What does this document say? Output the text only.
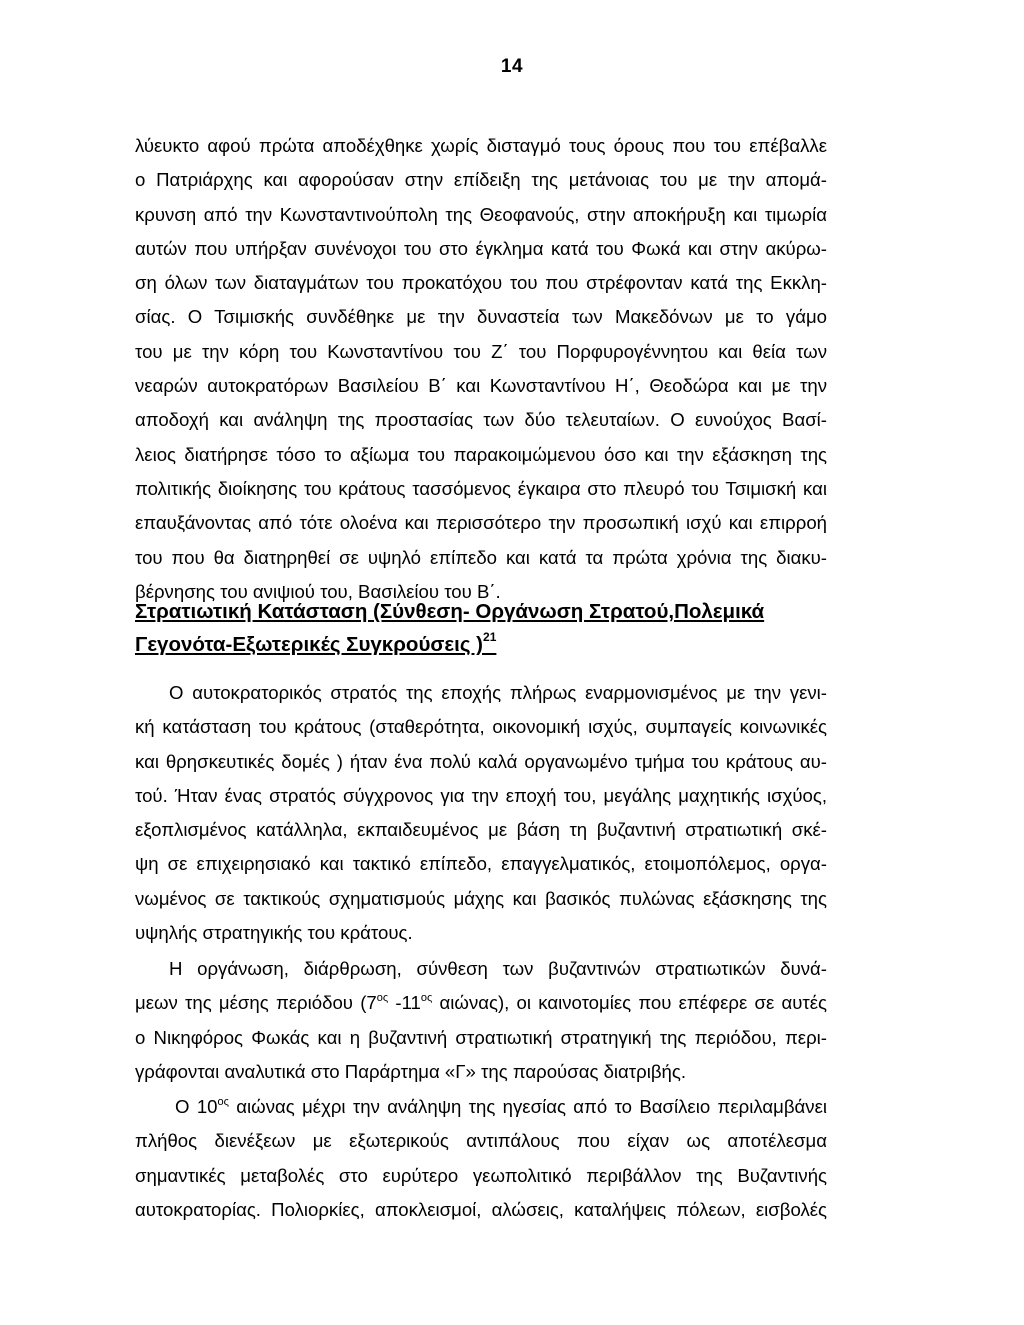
14
λύευκτο αφού πρώτα αποδέχθηκε χωρίς δισταγμό τους όρους που του επέβαλλε
ο Πατριάρχης και αφορούσαν στην επίδειξη της μετάνοιας του με την απομά-
κρυνση από την Κωνσταντινούπολη της Θεοφανούς, στην αποκήρυξη και τιμωρία
αυτών που υπήρξαν συνένοχοι του στο έγκλημα κατά του Φωκά και στην ακύρω-
ση όλων των διαταγμάτων του προκατόχου του που στρέφονταν κατά της Εκκλη-
σίας. Ο Τσιμισκής συνδέθηκε με την δυναστεία των Μακεδόνων με το γάμο
του με την κόρη του Κωνσταντίνου του Ζ΄ του Πορφυρογέννητου και θεία των
νεαρών αυτοκρατόρων Βασιλείου Β΄ και Κωνσταντίνου Η΄, Θεοδώρα και με την
αποδοχή και ανάληψη της προστασίας των δύο τελευταίων. Ο ευνούχος Βασί-
λειος διατήρησε τόσο το αξίωμα του παρακοιμώμενου όσο και την εξάσκηση της
πολιτικής διοίκησης του κράτους τασσόμενος έγκαιρα στο πλευρό του Τσιμισκή και
επαυξάνοντας από τότε ολοένα και περισσότερο την προσωπική ισχύ και επιρροή
του που θα διατηρηθεί σε υψηλό επίπεδο και κατά τα πρώτα χρόνια της διακυ-
βέρνησης του ανιψιού του, Βασιλείου του Β΄.
Στρατιωτική Κατάσταση (Σύνθεση- Οργάνωση Στρατού,Πολεμικά
Γεγονότα-Εξωτερικές Συγκρούσεις )$^{21}$
Ο αυτοκρατορικός στρατός της εποχής πλήρως εναρμονισμένος με την γενι-
κή κατάσταση του κράτους (σταθερότητα, οικονομική ισχύς, συμπαγείς κοινωνικές
και θρησκευτικές δομές ) ήταν ένα πολύ καλά οργανωμένο τμήμα του κράτους αυ-
τού. Ήταν ένας στρατός σύγχρονος για την εποχή του, μεγάλης μαχητικής ισχύος,
εξοπλισμένος κατάλληλα, εκπαιδευμένος με βάση τη βυζαντινή στρατιωτική σκέ-
ψη σε επιχειρησιακό και τακτικό επίπεδο, επαγγελματικός, ετοιμοπόλεμος, οργα-
νωμένος σε τακτικούς σχηματισμούς μάχης και βασικός πυλώνας εξάσκησης της
υψηλής στρατηγικής του κράτους.
Η οργάνωση, διάρθρωση, σύνθεση των βυζαντινών στρατιωτικών δυνά-
μεων της μέσης περιόδου ($7^{o\varsigma}$ $-11^{o\varsigma}$ αιώνας), οι καινοτομίες που επέφερε σε αυτές
ο Νικηφόρος Φωκάς και η βυζαντινή στρατιωτική στρατηγική της περιόδου, περι-
γράφονται αναλυτικά στο Παράρτημα «Γ» της παρούσας διατριβής.
Ο $10^{o\varsigma}$ αιώνας μέχρι την ανάληψη της ηγεσίας από το Βασίλειο περιλαμβάνει
πλήθος διενέξεων με εξωτερικούς αντιπάλους που είχαν ως αποτέλεσμα
σημαντικές μεταβολές στο ευρύτερο γεωπολιτικό περιβάλλον της Βυζαντινής
αυτοκρατορίας. Πολιορκίες, αποκλεισμοί, αλώσεις, καταλήψεις πόλεων, εισβολές
